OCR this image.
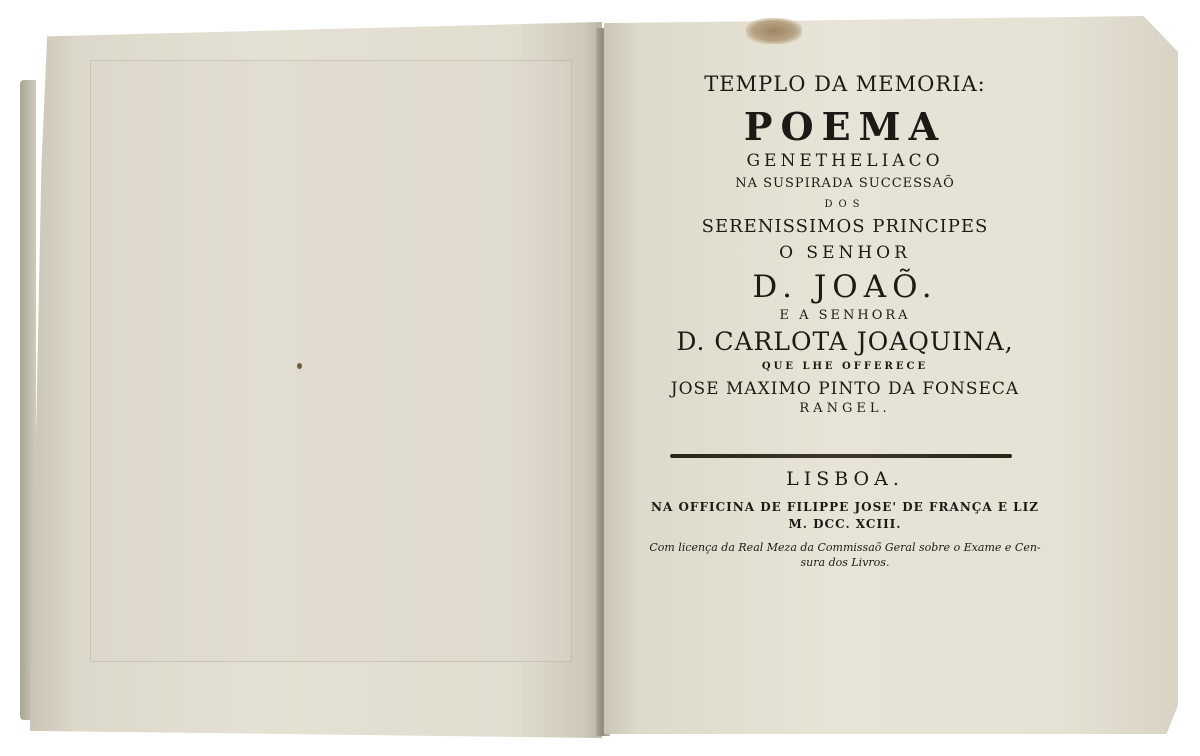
TEMPLO DA MEMORIA:

POEMA

GENETHELIACO

NA SUSPIRADA SUCCESSAÕ

DOS

SERENISSIMOS PRINCIPES

O SENHOR

D. JOAÕ.

E A SENHORA

D. CARLOTA JOAQUINA,

QUE LHE OFFERECE

JOSE MAXIMO PINTO DA FONSECA

RANGEL.

LISBOA.

NA OFFICINA DE FILIPPE JOSE' DE FRANÇA E LIZ

M. DCC. XCIII.

Com licença da Real Meza da Commissaõ Geral sobre o Exame e Cen-

sura dos Livros.
